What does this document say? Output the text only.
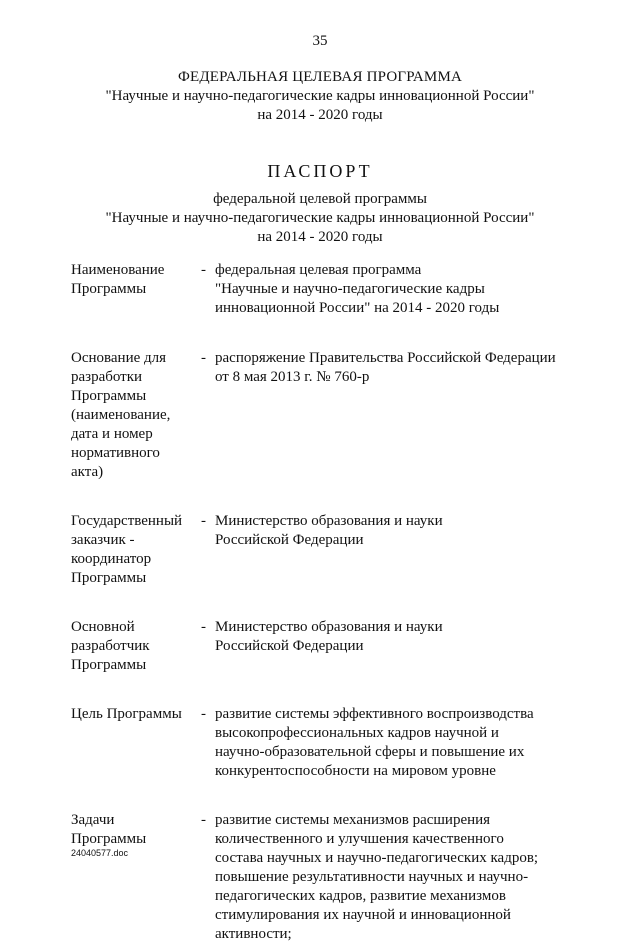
35
ФЕДЕРАЛЬНАЯ ЦЕЛЕВАЯ ПРОГРАММА
"Научные и научно-педагогические кадры инновационной России"
на 2014 - 2020 годы
ПАСПОРТ
федеральной целевой программы
"Научные и научно-педагогические кадры инновационной России"
на 2014 - 2020 годы
Наименование
Программы
- федеральная целевая программа
"Научные и научно-педагогические кадры
инновационной России" на 2014 - 2020 годы
Основание для
разработки
Программы
(наименование,
дата и номер
нормативного
акта)
- распоряжение Правительства Российской Федерации
от 8 мая 2013 г. № 760-р
Государственный
заказчик -
координатор
Программы
- Министерство образования и науки
Российской Федерации
Основной
разработчик
Программы
- Министерство образования и науки
Российской Федерации
Цель Программы	- развитие системы эффективного воспроизводства
высокопрофессиональных кадров научной и
научно-образовательной сферы и повышение их
конкурентоспособности на мировом уровне
Задачи
Программы
- развитие системы механизмов расширения
количественного и улучшения качественного
состава научных и научно-педагогических кадров;
повышение результативности научных и научно-
педагогических кадров, развитие механизмов
стимулирования их научной и инновационной
активности;
24040577.doc
